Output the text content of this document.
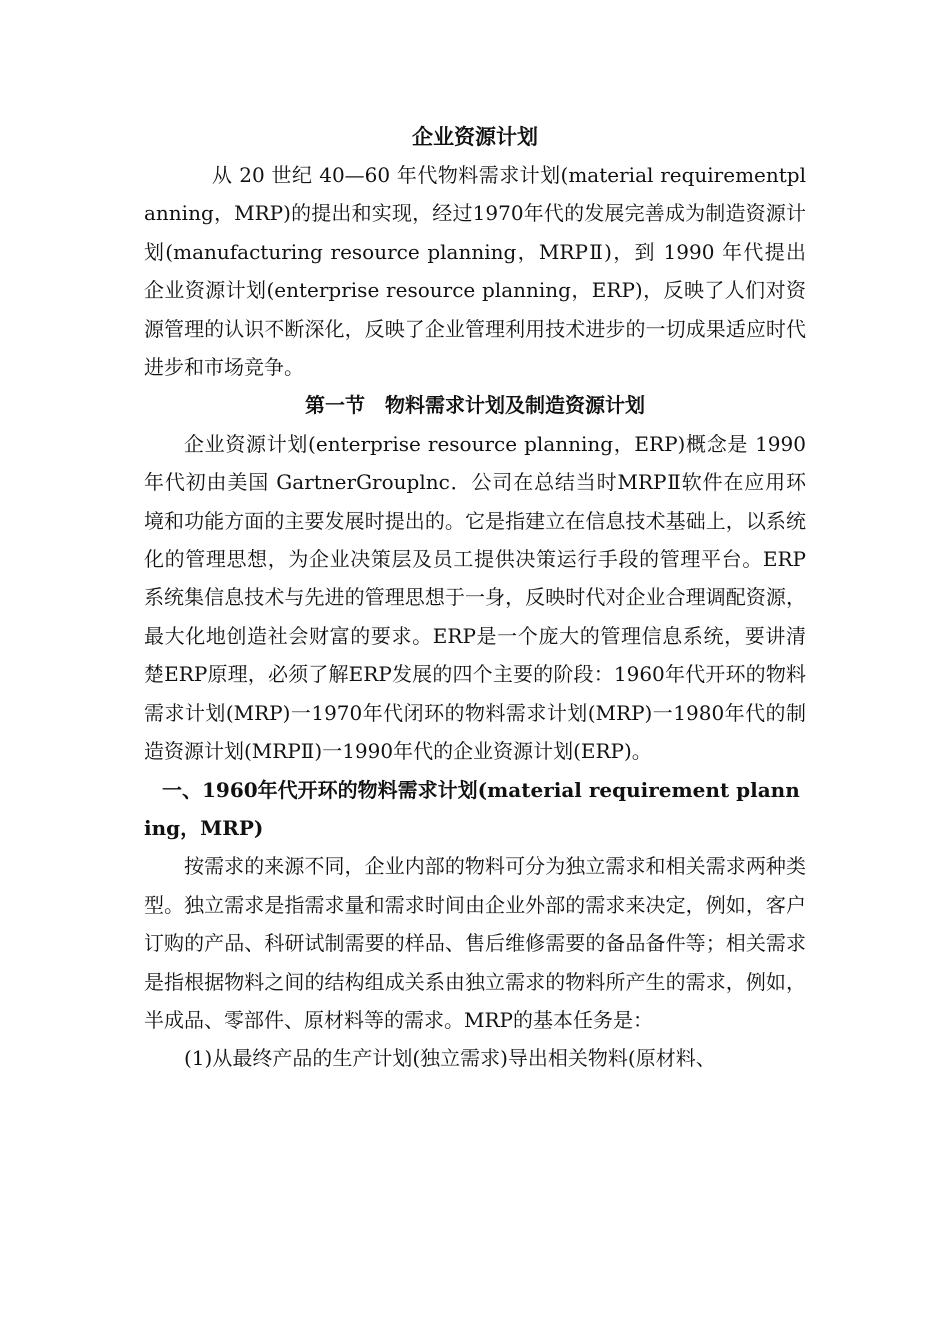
企业资源计划

从 20 世纪 40—60 年代物料需求计划(material requirementplanning，MRP)的提出和实现，经过1970年代的发展完善成为制造资源计划(manufacturing resource planning，MRPⅡ)，到 1990 年代提出企业资源计划(enterprise resource planning，ERP)，反映了人们对资源管理的认识不断深化，反映了企业管理利用技术进步的一切成果适应时代进步和市场竞争。

第一节　物料需求计划及制造资源计划

企业资源计划(enterprise resource planning，ERP)概念是 1990 年代初由美国 GartnerGrouplnc．公司在总结当时MRPⅡ软件在应用环境和功能方面的主要发展时提出的。它是指建立在信息技术基础上，以系统化的管理思想，为企业决策层及员工提供决策运行手段的管理平台。ERP系统集信息技术与先进的管理思想于一身，反映时代对企业合理调配资源，最大化地创造社会财富的要求。ERP是一个庞大的管理信息系统，要讲清楚ERP原理，必须了解ERP发展的四个主要的阶段：1960年代开环的物料需求计划(MRP)一1970年代闭环的物料需求计划(MRP)一1980年代的制造资源计划(MRPⅡ)一1990年代的企业资源计划(ERP)。

一、1960年代开环的物料需求计划(material requirement planning，MRP)

按需求的来源不同，企业内部的物料可分为独立需求和相关需求两种类型。独立需求是指需求量和需求时间由企业外部的需求来决定，例如，客户订购的产品、科研试制需要的样品、售后维修需要的备品备件等；相关需求是指根据物料之间的结构组成关系由独立需求的物料所产生的需求，例如，半成品、零部件、原材料等的需求。MRP的基本任务是：

(1)从最终产品的生产计划(独立需求)导出相关物料(原材料、
